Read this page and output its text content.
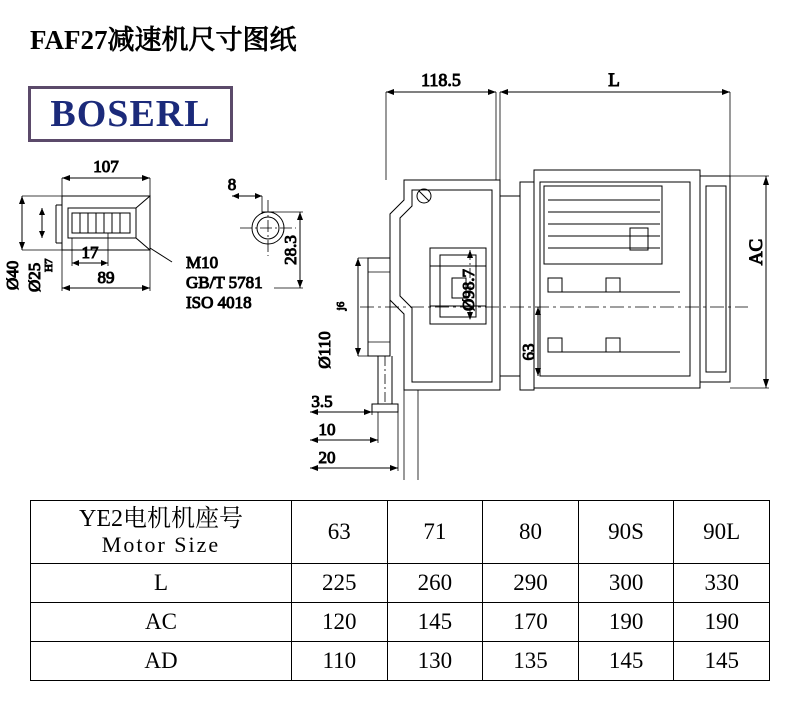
FAF27减速机尺寸图纸
BOSERL
107
17
89
Ø40 Ø25 H7
8
28.3
M10
GB/T 5781
ISO 4018
118.5	L
AC
Ø98.7
Ø110
j6
63
3.5
10
20
YE2电机机座号
Motor Size	63	71	80	90S	90L
L	225	260	290	300	330
AC	120	145	170	190	190
AD	110	130	135	145	145
